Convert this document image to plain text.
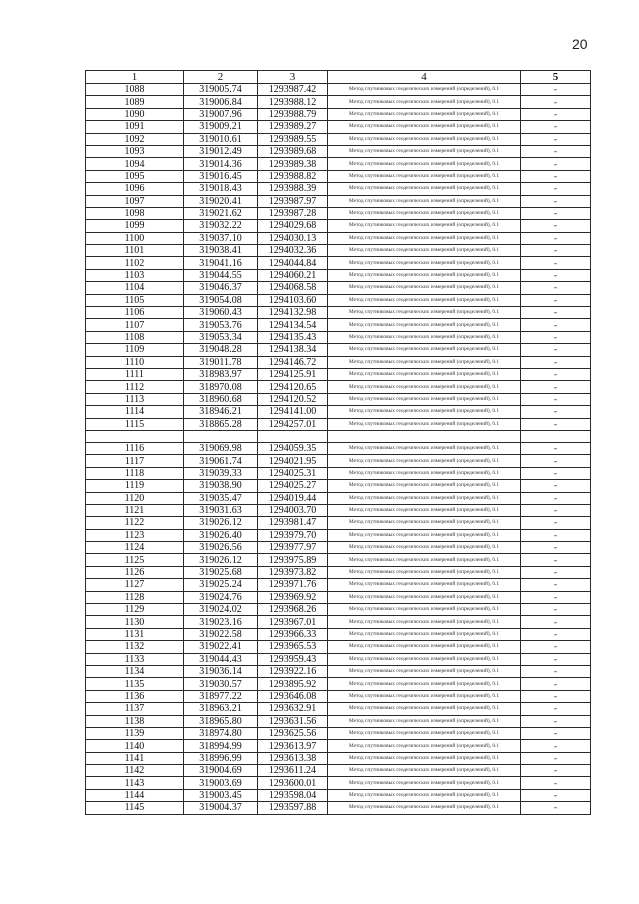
20
1	2	3	4	5
1088	319005.74	1293987.42	Метод спутниковых геодезических измерений (определений), 0.1	-
1089	319006.84	1293988.12	Метод спутниковых геодезических измерений (определений), 0.1	-
1090	319007.96	1293988.79	Метод спутниковых геодезических измерений (определений), 0.1	-
1091	319009.21	1293989.27	Метод спутниковых геодезических измерений (определений), 0.1	-
1092	319010.61	1293989.55	Метод спутниковых геодезических измерений (определений), 0.1	-
1093	319012.49	1293989.68	Метод спутниковых геодезических измерений (определений), 0.1	-
1094	319014.36	1293989.38	Метод спутниковых геодезических измерений (определений), 0.1	-
1095	319016.45	1293988.82	Метод спутниковых геодезических измерений (определений), 0.1	-
1096	319018.43	1293988.39	Метод спутниковых геодезических измерений (определений), 0.1	-
1097	319020.41	1293987.97	Метод спутниковых геодезических измерений (определений), 0.1	-
1098	319021.62	1293987.28	Метод спутниковых геодезических измерений (определений), 0.1	-
1099	319032.22	1294029.68	Метод спутниковых геодезических измерений (определений), 0.1	-
1100	319037.10	1294030.13	Метод спутниковых геодезических измерений (определений), 0.1	-
1101	319038.41	1294032.36	Метод спутниковых геодезических измерений (определений), 0.1	-
1102	319041.16	1294044.84	Метод спутниковых геодезических измерений (определений), 0.1	-
1103	319044.55	1294060.21	Метод спутниковых геодезических измерений (определений), 0.1	-
1104	319046.37	1294068.58	Метод спутниковых геодезических измерений (определений), 0.1	-
1105	319054.08	1294103.60	Метод спутниковых геодезических измерений (определений), 0.1	-
1106	319060.43	1294132.98	Метод спутниковых геодезических измерений (определений), 0.1	-
1107	319053.76	1294134.54	Метод спутниковых геодезических измерений (определений), 0.1	-
1108	319053.34	1294135.43	Метод спутниковых геодезических измерений (определений), 0.1	-
1109	319048.28	1294138.34	Метод спутниковых геодезических измерений (определений), 0.1	-
1110	319011.78	1294146.72	Метод спутниковых геодезических измерений (определений), 0.1	-
1111	318983.97	1294125.91	Метод спутниковых геодезических измерений (определений), 0.1	-
1112	318970.08	1294120.65	Метод спутниковых геодезических измерений (определений), 0.1	-
1113	318960.68	1294120.52	Метод спутниковых геодезических измерений (определений), 0.1	-
1114	318946.21	1294141.00	Метод спутниковых геодезических измерений (определений), 0.1	-
1115	318865.28	1294257.01	Метод спутниковых геодезических измерений (определений), 0.1	-

1116	319069.98	1294059.35	Метод спутниковых геодезических измерений (определений), 0.1	-
1117	319061.74	1294021.95	Метод спутниковых геодезических измерений (определений), 0.1	-
1118	319039.33	1294025.31	Метод спутниковых геодезических измерений (определений), 0.1	-
1119	319038.90	1294025.27	Метод спутниковых геодезических измерений (определений), 0.1	-
1120	319035.47	1294019.44	Метод спутниковых геодезических измерений (определений), 0.1	-
1121	319031.63	1294003.70	Метод спутниковых геодезических измерений (определений), 0.1	-
1122	319026.12	1293981.47	Метод спутниковых геодезических измерений (определений), 0.1	-
1123	319026.40	1293979.70	Метод спутниковых геодезических измерений (определений), 0.1	-
1124	319026.56	1293977.97	Метод спутниковых геодезических измерений (определений), 0.1	-
1125	319026.12	1293975.89	Метод спутниковых геодезических измерений (определений), 0.1	-
1126	319025.68	1293973.82	Метод спутниковых геодезических измерений (определений), 0.1	-
1127	319025.24	1293971.76	Метод спутниковых геодезических измерений (определений), 0.1	-
1128	319024.76	1293969.92	Метод спутниковых геодезических измерений (определений), 0.1	-
1129	319024.02	1293968.26	Метод спутниковых геодезических измерений (определений), 0.1	-
1130	319023.16	1293967.01	Метод спутниковых геодезических измерений (определений), 0.1	-
1131	319022.58	1293966.33	Метод спутниковых геодезических измерений (определений), 0.1	-
1132	319022.41	1293965.53	Метод спутниковых геодезических измерений (определений), 0.1	-
1133	319044.43	1293959.43	Метод спутниковых геодезических измерений (определений), 0.1	-
1134	319036.14	1293922.16	Метод спутниковых геодезических измерений (определений), 0.1	-
1135	319030.57	1293895.92	Метод спутниковых геодезических измерений (определений), 0.1	-
1136	318977.22	1293646.08	Метод спутниковых геодезических измерений (определений), 0.1	-
1137	318963.21	1293632.91	Метод спутниковых геодезических измерений (определений), 0.1	-
1138	318965.80	1293631.56	Метод спутниковых геодезических измерений (определений), 0.1	-
1139	318974.80	1293625.56	Метод спутниковых геодезических измерений (определений), 0.1	-
1140	318994.99	1293613.97	Метод спутниковых геодезических измерений (определений), 0.1	-
1141	318996.99	1293613.38	Метод спутниковых геодезических измерений (определений), 0.1	-
1142	319004.69	1293611.24	Метод спутниковых геодезических измерений (определений), 0.1	-
1143	319003.69	1293600.01	Метод спутниковых геодезических измерений (определений), 0.1	-
1144	319003.45	1293598.04	Метод спутниковых геодезических измерений (определений), 0.1	-
1145	319004.37	1293597.88	Метод спутниковых геодезических измерений (определений), 0.1	-
